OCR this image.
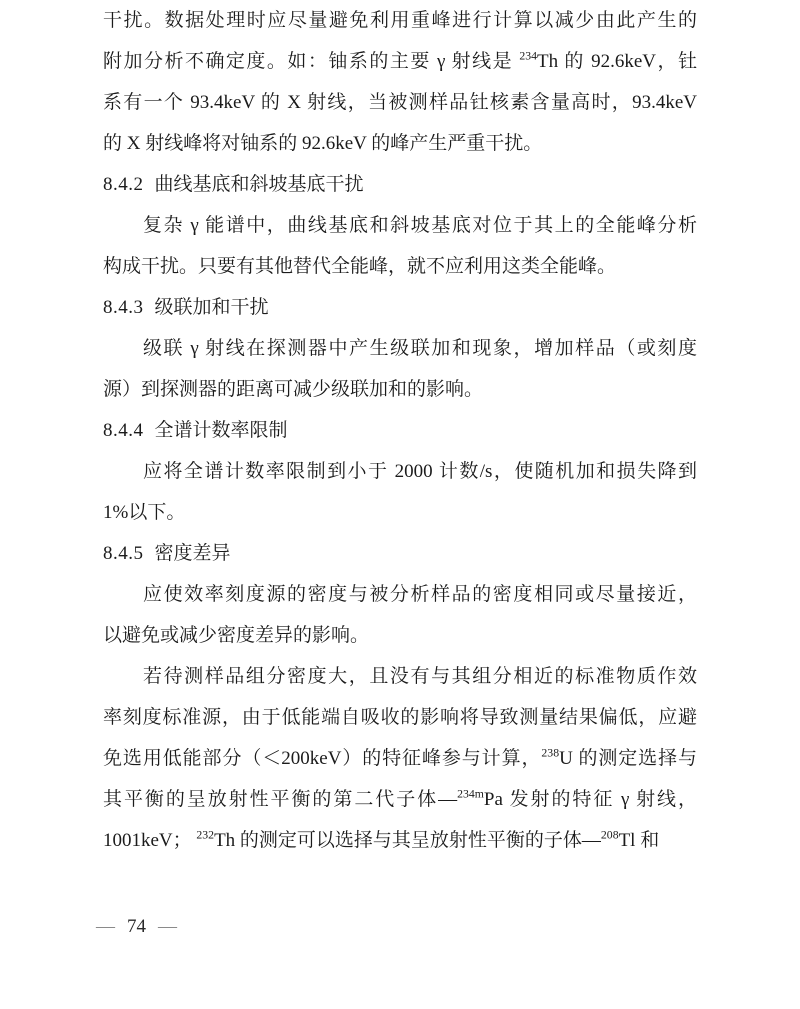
干扰。数据处理时应尽量避免利用重峰进行计算以减少由此产生的
附加分析不确定度。如：铀系的主要 γ 射线是 $^{234}$Th 的 92.6keV，钍
系有一个 93.4keV 的 X 射线，当被测样品钍核素含量高时，93.4keV
的 X 射线峰将对铀系的 92.6keV 的峰产生严重干扰。
8.4.2 曲线基底和斜坡基底干扰
复杂 γ 能谱中，曲线基底和斜坡基底对位于其上的全能峰分析
构成干扰。只要有其他替代全能峰，就不应利用这类全能峰。
8.4.3 级联加和干扰
级联 γ 射线在探测器中产生级联加和现象，增加样品（或刻度
源）到探测器的距离可减少级联加和的影响。
8.4.4 全谱计数率限制
应将全谱计数率限制到小于 2000 计数/s，使随机加和损失降到
1%以下。
8.4.5 密度差异
应使效率刻度源的密度与被分析样品的密度相同或尽量接近，
以避免或减少密度差异的影响。
若待测样品组分密度大，且没有与其组分相近的标准物质作效
率刻度标准源，由于低能端自吸收的影响将导致测量结果偏低，应避
免选用低能部分（＜200keV）的特征峰参与计算，$^{238}$U 的测定选择与
其平衡的呈放射性平衡的第二代子体—$^{234m}$Pa 发射的特征 γ 射线，
1001keV； $^{232}$Th 的测定可以选择与其呈放射性平衡的子体—$^{208}$Tl 和
— 74 —
